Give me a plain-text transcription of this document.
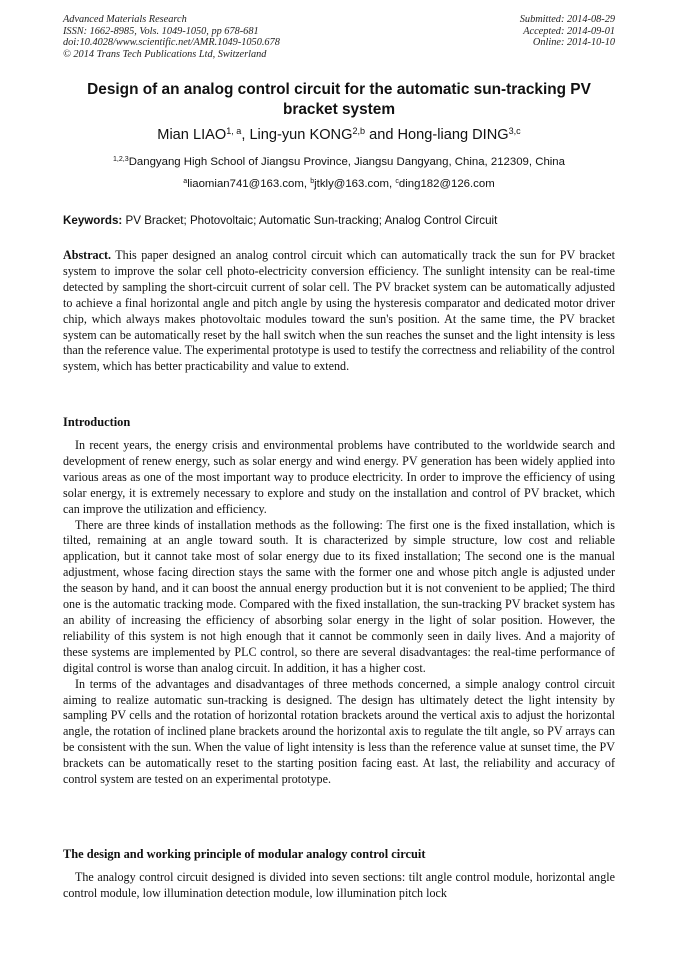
Advanced Materials Research
ISSN: 1662-8985, Vols. 1049-1050, pp 678-681
doi:10.4028/www.scientific.net/AMR.1049-1050.678
© 2014 Trans Tech Publications Ltd, Switzerland
Submitted: 2014-08-29
Accepted: 2014-09-01
Online: 2014-10-10
Design of an analog control circuit for the automatic sun-tracking PV bracket system
Mian LIAO$^{1, a}$, Ling-yun KONG$^{2,b}$ and Hong-liang DING$^{3,c}$
$^{1,2,3}$Dangyang High School of Jiangsu Province, Jiangsu Dangyang, China, 212309, China
$^a$liaomian741@163.com, $^b$jtkly@163.com, $^c$ding182@126.com
Keywords: PV Bracket; Photovoltaic; Automatic Sun-tracking; Analog Control Circuit

Abstract. This paper designed an analog control circuit which can automatically track the sun for PV bracket system to improve the solar cell photo-electricity conversion efficiency. The sunlight intensity can be real-time detected by sampling the short-circuit current of solar cell. The PV bracket system can be automatically adjusted to achieve a final horizontal angle and pitch angle by using the hysteresis comparator and dedicated motor driver chip, which always makes photovoltaic modules toward the sun's position. At the same time, the PV bracket system can be automatically reset by the hall switch when the sun reaches the sunset and the light intensity is less than the reference value. The experimental prototype is used to testify the correctness and reliability of the control system, which has better practicability and value to extend.

Introduction

In recent years, the energy crisis and environmental problems have contributed to the worldwide search and development of renew energy, such as solar energy and wind energy. PV generation has been widely applied into various areas as one of the most important way to produce electricity. In order to improve the efficiency of using solar energy, it is extremely necessary to explore and study on the installation and control of PV bracket, which can improve the utilization and efficiency.

There are three kinds of installation methods as the following: The first one is the fixed installation, which is tilted, remaining at an angle toward south. It is characterized by simple structure, low cost and reliable application, but it cannot take most of solar energy due to its fixed installation; The second one is the manual adjustment, whose facing direction stays the same with the former one and whose pitch angle is adjusted under the season by hand, and it can boost the annual energy production but it is not convenient to be applied; The third one is the automatic tracking mode. Compared with the fixed installation, the sun-tracking PV bracket system has an ability of increasing the efficiency of absorbing solar energy in the light of solar position. However, the reliability of this system is not high enough that it cannot be commonly seen in daily lives. And a majority of these systems are implemented by PLC control, so there are several disadvantages: the real-time performance of digital control is worse than analog circuit. In addition, it has a higher cost.

In terms of the advantages and disadvantages of three methods concerned, a simple analogy control circuit aiming to realize automatic sun-tracking is designed. The design has ultimately detect the light intensity by sampling PV cells and the rotation of horizontal rotation brackets around the vertical axis to adjust the horizontal angle, the rotation of inclined plane brackets around the horizontal axis to regulate the tilt angle, so PV arrays can be consistent with the sun. When the value of light intensity is less than the reference value at sunset time, the PV brackets can be automatically reset to the starting position facing east. At last, the reliability and accuracy of control system are tested on an experimental prototype.

The design and working principle of modular analogy control circuit

The analogy control circuit designed is divided into seven sections: tilt angle control module, horizontal angle control module, low illumination detection module, low illumination pitch lock
